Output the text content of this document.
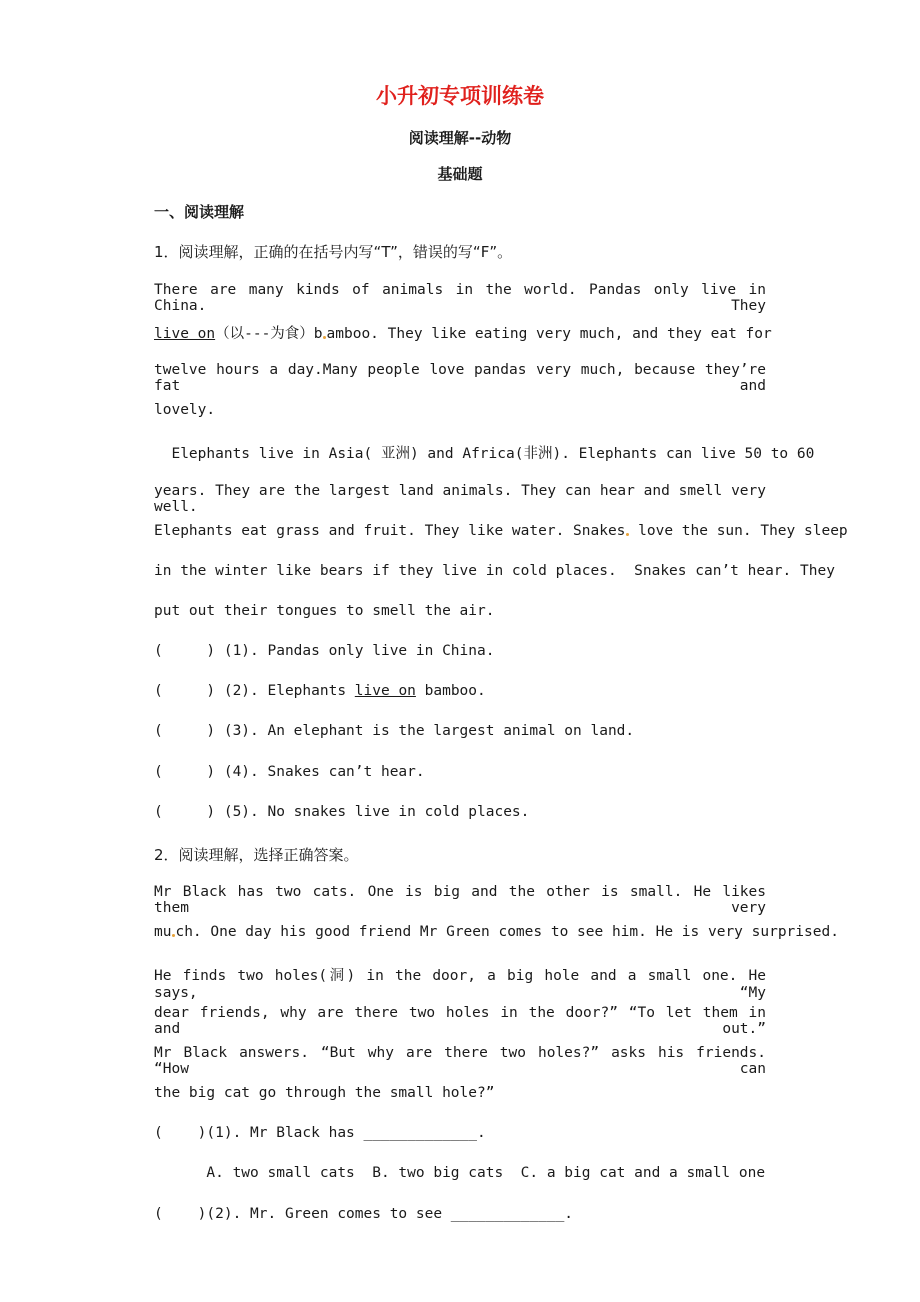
小升初专项训练卷
阅读理解--动物
基础题
一、阅读理解
1．阅读理解，正确的在括号内写“T”，错误的写“F”。
There are many kinds of animals in the world. Pandas only live in China. They
live on（以---为食）b amboo. They like eating very much, and they eat for
twelve hours a day.Many people love pandas very much, because they’re fat and
lovely.
Elephants live in Asia( 亚洲) and Africa(非洲). Elephants can live 50 to 60
years. They are the largest land animals. They can hear and smell very well.
Elephants eat grass and fruit. They like water. Snakes love the sun. They sleep
in the winter like bears if they live in cold places.  Snakes can’t hear. They
put out their tongues to smell the air.
(     ) (1). Pandas only live in China.
(     ) (2). Elephants live on bamboo.
(     ) (3). An elephant is the largest animal on land.
(     ) (4). Snakes can’t hear.
(     ) (5). No snakes live in cold places.
2．阅读理解，选择正确答案。
Mr Black has two cats. One is big and the other is small. He likes them very
mu ch. One day his good friend Mr Green comes to see him. He is very surprised.
He finds two holes(洞) in the door, a big hole and a small one. He says, “My
dear friends, why are there two holes in the door?” “To let them in and out.”
Mr Black answers. “But why are there two holes?” asks his friends. “How can
the big cat go through the small hole?”
(    )(1). Mr Black has _____________.
A. two small cats  B. two big cats  C. a big cat and a small one
(    )(2). Mr. Green comes to see _____________.
